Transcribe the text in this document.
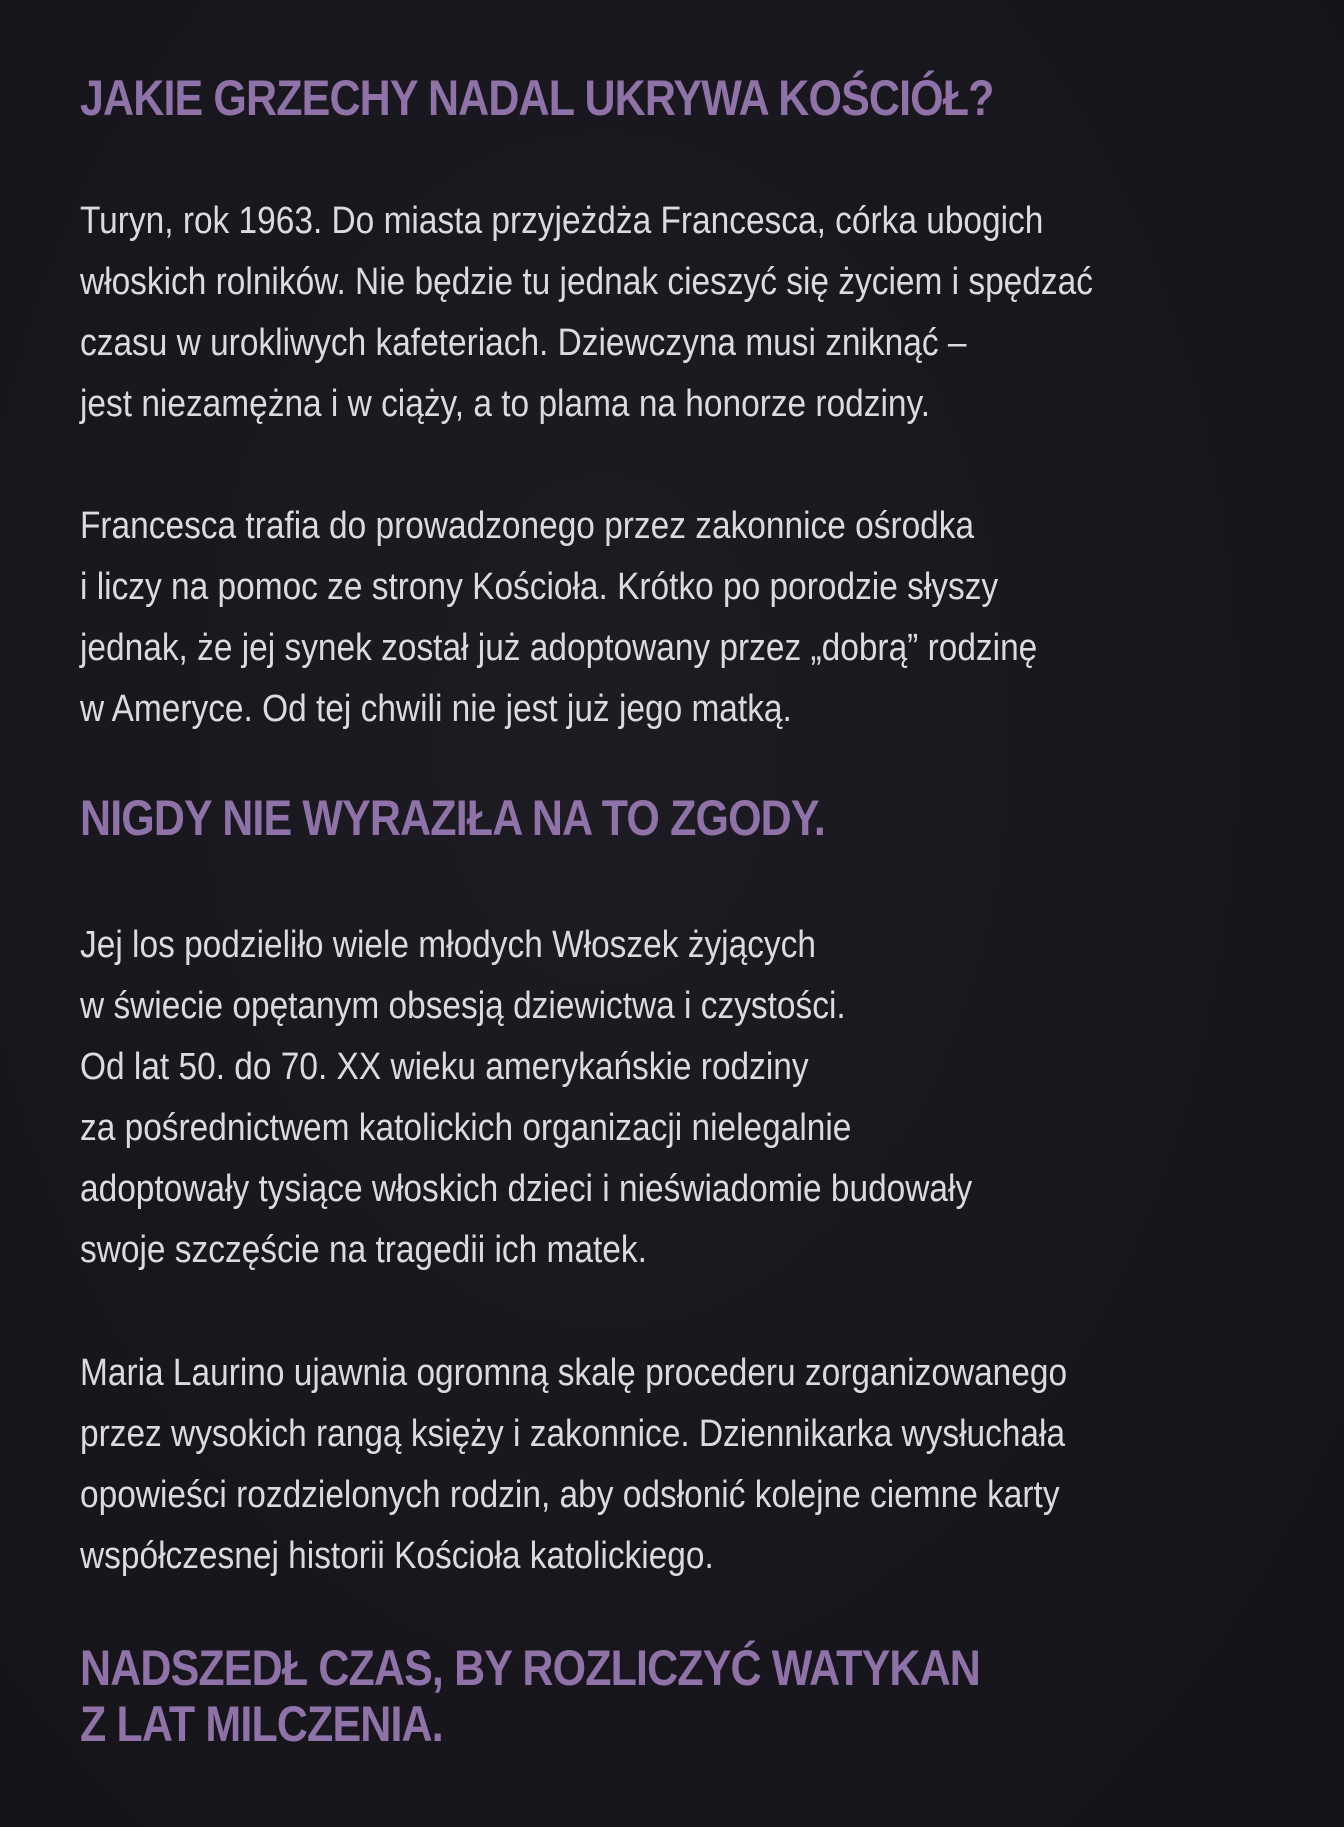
JAKIE GRZECHY NADAL UKRYWA KOŚCIÓŁ?

Turyn, rok 1963. Do miasta przyjeżdża Francesca, córka ubogich
włoskich rolników. Nie będzie tu jednak cieszyć się życiem i spędzać
czasu w urokliwych kafeteriach. Dziewczyna musi zniknąć –
jest niezamężna i w ciąży, a to plama na honorze rodziny.

Francesca trafia do prowadzonego przez zakonnice ośrodka
i liczy na pomoc ze strony Kościoła. Krótko po porodzie słyszy
jednak, że jej synek został już adoptowany przez „dobrą” rodzinę
w Ameryce. Od tej chwili nie jest już jego matką.

NIGDY NIE WYRAZIŁA NA TO ZGODY.

Jej los podzieliło wiele młodych Włoszek żyjących
w świecie opętanym obsesją dziewictwa i czystości.
Od lat 50. do 70. XX wieku amerykańskie rodziny
za pośrednictwem katolickich organizacji nielegalnie
adoptowały tysiące włoskich dzieci i nieświadomie budowały
swoje szczęście na tragedii ich matek.

Maria Laurino ujawnia ogromną skalę procederu zorganizowanego
przez wysokich rangą księży i zakonnice. Dziennikarka wysłuchała
opowieści rozdzielonych rodzin, aby odsłonić kolejne ciemne karty
współczesnej historii Kościoła katolickiego.

NADSZEDŁ CZAS, BY ROZLICZYĆ WATYKAN
Z LAT MILCZENIA.
